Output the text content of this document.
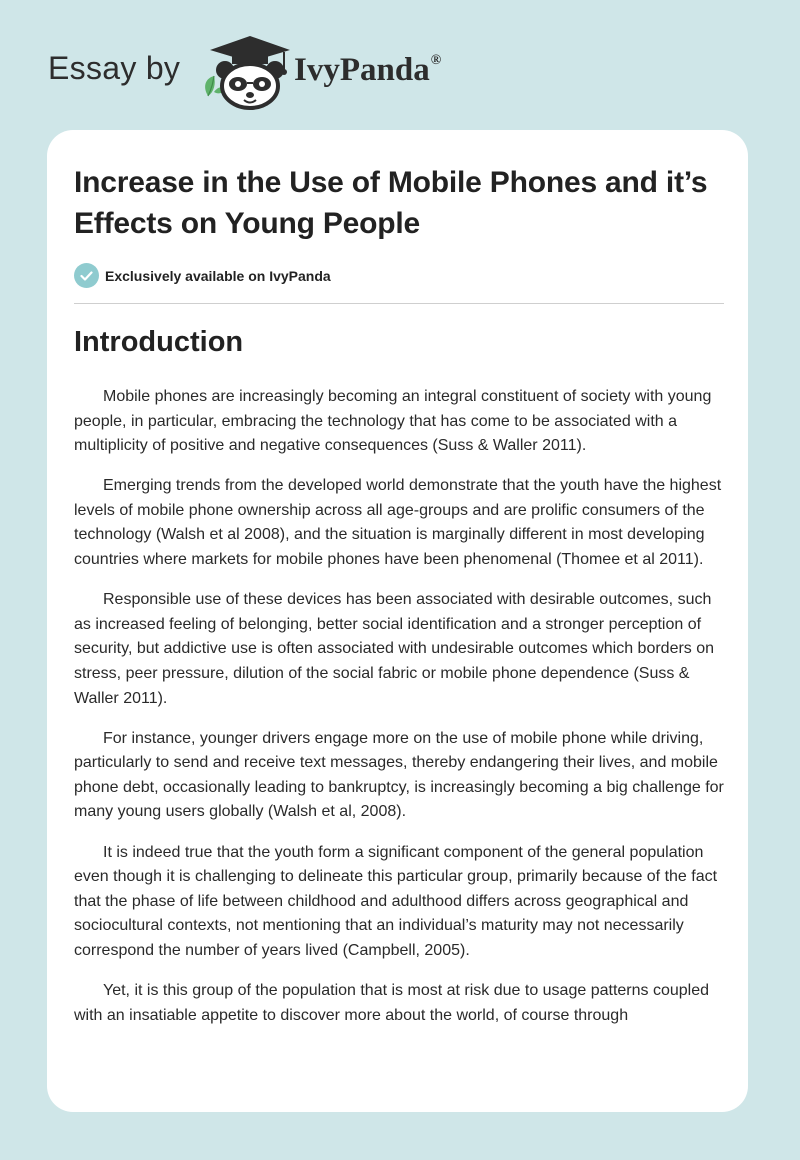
Essay by	IvyPanda®
Increase in the Use of Mobile Phones and it’s Effects on Young People
Exclusively available on IvyPanda
Introduction

Mobile phones are increasingly becoming an integral constituent of society with young people, in particular, embracing the technology that has come to be associated with a multiplicity of positive and negative consequences (Suss & Waller 2011).

Emerging trends from the developed world demonstrate that the youth have the highest levels of mobile phone ownership across all age-groups and are prolific consumers of the technology (Walsh et al 2008), and the situation is marginally different in most developing countries where markets for mobile phones have been phenomenal (Thomee et al 2011).

Responsible use of these devices has been associated with desirable outcomes, such as increased feeling of belonging, better social identification and a stronger perception of security, but addictive use is often associated with undesirable outcomes which borders on stress, peer pressure, dilution of the social fabric or mobile phone dependence (Suss & Waller 2011).

For instance, younger drivers engage more on the use of mobile phone while driving, particularly to send and receive text messages, thereby endangering their lives, and mobile phone debt, occasionally leading to bankruptcy, is increasingly becoming a big challenge for many young users globally (Walsh et al, 2008).

It is indeed true that the youth form a significant component of the general population even though it is challenging to delineate this particular group, primarily because of the fact that the phase of life between childhood and adulthood differs across geographical and sociocultural contexts, not mentioning that an individual’s maturity may not necessarily correspond the number of years lived (Campbell, 2005).

Yet, it is this group of the population that is most at risk due to usage patterns coupled with an insatiable appetite to discover more about the world, of course through
